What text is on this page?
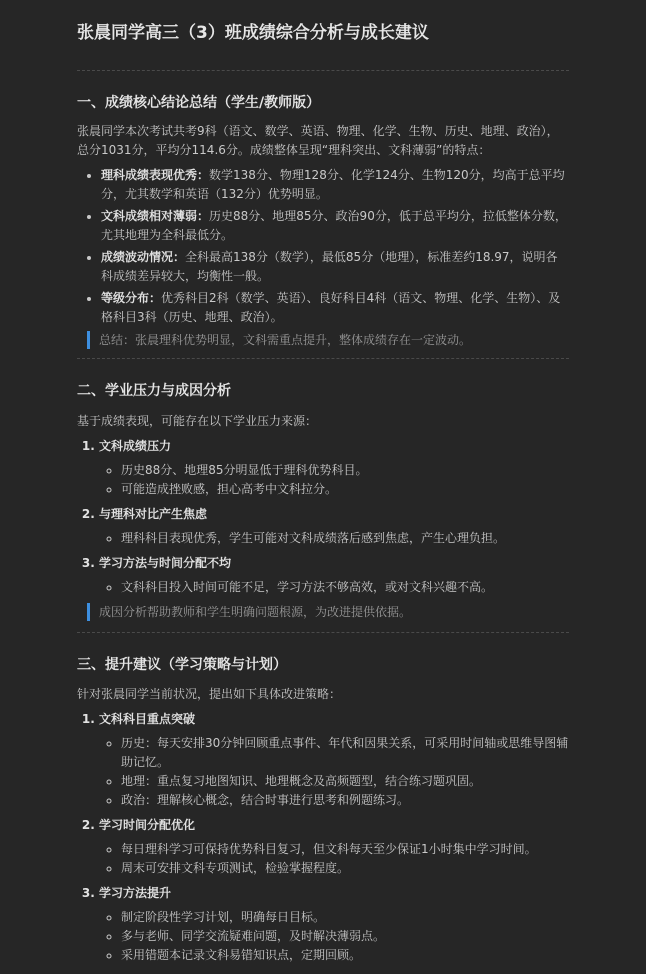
张晨同学高三（3）班成绩综合分析与成长建议
一、成绩核心结论总结（学生/教师版）

张晨同学本次考试共考9科（语文、数学、英语、物理、化学、生物、历史、地理、政治），总分1031分，平均分114.6分。成绩整体呈现“理科突出、文科薄弱”的特点：

• 理科成绩表现优秀：数学138分、物理128分、化学124分、生物120分，均高于总平均分，尤其数学和英语（132分）优势明显。
• 文科成绩相对薄弱：历史88分、地理85分、政治90分，低于总平均分，拉低整体分数，尤其地理为全科最低分。
• 成绩波动情况：全科最高138分（数学），最低85分（地理），标准差约18.97，说明各科成绩差异较大，均衡性一般。
• 等级分布：优秀科目2科（数学、英语）、良好科目4科（语文、物理、化学、生物）、及格科目3科（历史、地理、政治）。
总结：张晨理科优势明显，文科需重点提升，整体成绩存在一定波动。
二、学业压力与成因分析

基于成绩表现，可能存在以下学业压力来源：

1. 文科成绩压力
◦ 历史88分、地理85分明显低于理科优势科目。
◦ 可能造成挫败感，担心高考中文科拉分。
2. 与理科对比产生焦虑
◦ 理科科目表现优秀，学生可能对文科成绩落后感到焦虑，产生心理负担。
3. 学习方法与时间分配不均
◦ 文科科目投入时间可能不足，学习方法不够高效，或对文科兴趣不高。
成因分析帮助教师和学生明确问题根源，为改进提供依据。
三、提升建议（学习策略与计划）

针对张晨同学当前状况，提出如下具体改进策略：

1. 文科科目重点突破
◦ 历史：每天安排30分钟回顾重点事件、年代和因果关系，可采用时间轴或思维导图辅助记忆。
◦ 地理：重点复习地图知识、地理概念及高频题型，结合练习题巩固。
◦ 政治：理解核心概念，结合时事进行思考和例题练习。
2. 学习时间分配优化
◦ 每日理科学习可保持优势科目复习，但文科每天至少保证1小时集中学习时间。
◦ 周末可安排文科专项测试，检验掌握程度。
3. 学习方法提升
◦ 制定阶段性学习计划，明确每日目标。
◦ 多与老师、同学交流疑难问题，及时解决薄弱点。
◦ 采用错题本记录文科易错知识点，定期回顾。
